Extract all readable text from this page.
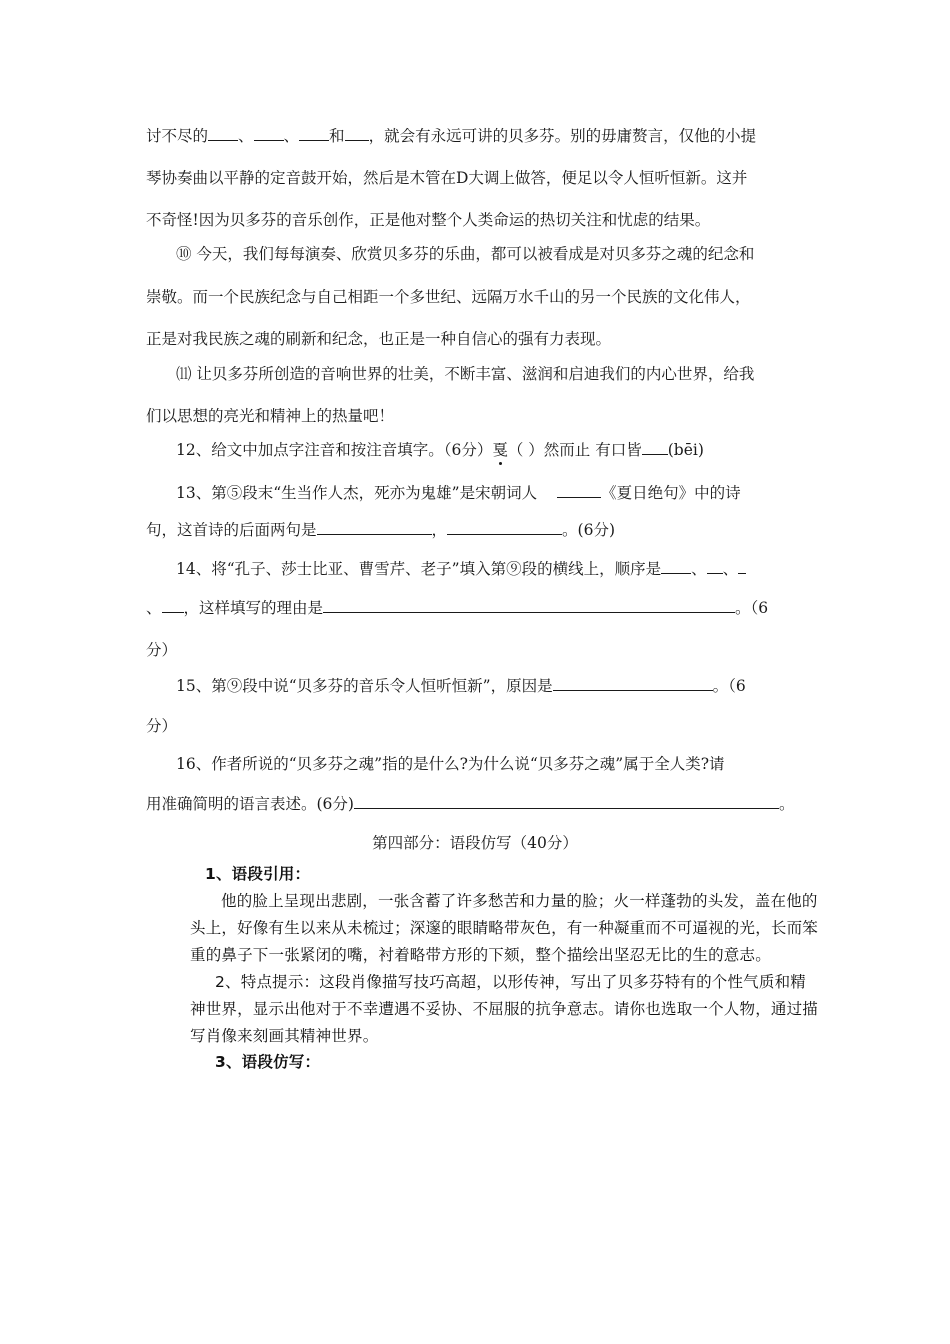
讨不尽的 、 、 和 ，就会有永远可讲的贝多芬。别的毋庸赘言，仅他的小提
琴协奏曲以平静的定音鼓开始，然后是木管在D大调上做答，便足以令人恒听恒新。这并
不奇怪!因为贝多芬的音乐创作，正是他对整个人类命运的热切关注和忧虑的结果。
⑩ 今天，我们每每演奏、欣赏贝多芬的乐曲，都可以被看成是对贝多芬之魂的纪念和
崇敬。而一个民族纪念与自己相距一个多世纪、远隔万水千山的另一个民族的文化伟人，
正是对我民族之魂的刷新和纪念，也正是一种自信心的强有力表现。
⑾ 让贝多芬所创造的音响世界的壮美，不断丰富、滋润和启迪我们的内心世界，给我
们以思想的亮光和精神上的热量吧！
12、给文中加点字注音和按注音填字。（6分）戛（ ）然而止 有口皆 (bēi)
13、第⑤段末“生当作人杰，死亦为鬼雄”是宋朝词人	《夏日绝句》中的诗
句，这首诗的后面两句是	，	。(6分)
14、将“孔子、莎士比亚、曹雪芹、老子”填入第⑨段的横线上，顺序是 、 、
、 ，这样填写的理由是	。（6
分）
15、第⑨段中说“贝多芬的音乐令人恒听恒新”，原因是	。（6
分）
16、作者所说的“贝多芬之魂”指的是什么?为什么说“贝多芬之魂”属于全人类?请
用准确简明的语言表述。(6分)	。
第四部分：语段仿写（40分）
1、语段引用：
他的脸上呈现出悲剧，一张含蓄了许多愁苦和力量的脸；火一样蓬勃的头发，盖在他的
头上，好像有生以来从未梳过；深邃的眼睛略带灰色，有一种凝重而不可逼视的光，长而笨
重的鼻子下一张紧闭的嘴，衬着略带方形的下颏，整个描绘出坚忍无比的生的意志。
2、特点提示：这段肖像描写技巧高超，以形传神，写出了贝多芬特有的个性气质和精
神世界，显示出他对于不幸遭遇不妥协、不屈服的抗争意志。请你也选取一个人物，通过描
写肖像来刻画其精神世界。
3、语段仿写：
